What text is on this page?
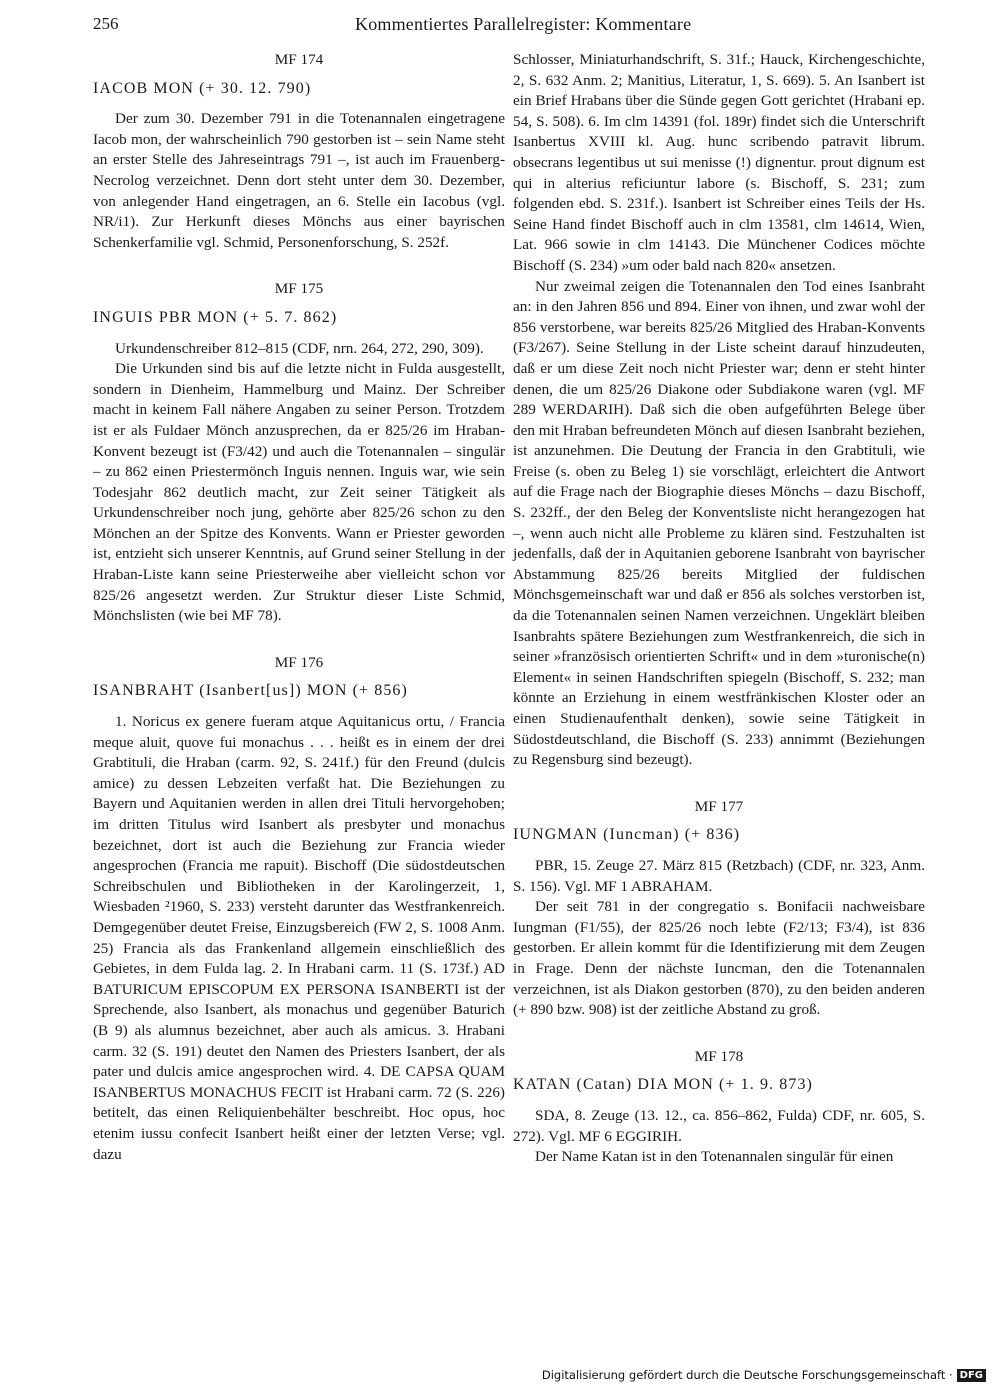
256	Kommentiertes Parallelregister: Kommentare
MF 174
IACOB MON (+ 30. 12. 790)

Der zum 30. Dezember 791 in die Totenannalen eingetragene Iacob mon, der wahrscheinlich 790 gestorben ist – sein Name steht an erster Stelle des Jahreseintrags 791 –, ist auch im Frauenberg-Necrolog verzeichnet. Denn dort steht unter dem 30. Dezember, von anlegender Hand eingetragen, an 6. Stelle ein Iacobus (vgl. NR/i1). Zur Herkunft dieses Mönchs aus einer bayrischen Schenkerfamilie vgl. Schmid, Personenforschung, S. 252f.

MF 175
INGUIS PBR MON (+ 5. 7. 862)

Urkundenschreiber 812–815 (CDF, nrn. 264, 272, 290, 309).

Die Urkunden sind bis auf die letzte nicht in Fulda ausgestellt, sondern in Dienheim, Hammelburg und Mainz. Der Schreiber macht in keinem Fall nähere Angaben zu seiner Person. Trotzdem ist er als Fuldaer Mönch anzusprechen, da er 825/26 im Hraban-Konvent bezeugt ist (F3/42) und auch die Totenannalen – singulär – zu 862 einen Priestermönch Inguis nennen. Inguis war, wie sein Todesjahr 862 deutlich macht, zur Zeit seiner Tätigkeit als Urkundenschreiber noch jung, gehörte aber 825/26 schon zu den Mönchen an der Spitze des Konvents. Wann er Priester geworden ist, entzieht sich unserer Kenntnis, auf Grund seiner Stellung in der Hraban-Liste kann seine Priesterweihe aber vielleicht schon vor 825/26 angesetzt werden. Zur Struktur dieser Liste Schmid, Mönchslisten (wie bei MF 78).

MF 176
ISANBRAHT (Isanbert[us]) MON (+ 856)

1. Noricus ex genere fueram atque Aquitanicus ortu, / Francia meque aluit, quove fui monachus . . . heißt es in einem der drei Grabtituli, die Hraban (carm. 92, S. 241f.) für den Freund (dulcis amice) zu dessen Lebzeiten verfaßt hat. Die Beziehungen zu Bayern und Aquitanien werden in allen drei Tituli hervorgehoben; im dritten Titulus wird Isanbert als presbyter und monachus bezeichnet, dort ist auch die Beziehung zur Francia wieder angesprochen (Francia me rapuit). Bischoff (Die südostdeutschen Schreibschulen und Bibliotheken in der Karolingerzeit, 1, Wiesbaden ²1960, S. 233) versteht darunter das Westfrankenreich. Demgegenüber deutet Freise, Einzugsbereich (FW 2, S. 1008 Anm. 25) Francia als das Frankenland allgemein einschließlich des Gebietes, in dem Fulda lag. 2. In Hrabani carm. 11 (S. 173f.) AD BATURICUM EPISCOPUM EX PERSONA ISANBERTI ist der Sprechende, also Isanbert, als monachus und gegenüber Baturich (B 9) als alumnus bezeichnet, aber auch als amicus. 3. Hrabani carm. 32 (S. 191) deutet den Namen des Priesters Isanbert, der als pater und dulcis amice angesprochen wird. 4. DE CAPSA QUAM ISANBERTUS MONACHUS FECIT ist Hrabani carm. 72 (S. 226) betitelt, das einen Reliquienbehälter beschreibt. Hoc opus, hoc etenim iussu confecit Isanbert heißt einer der letzten Verse; vgl. dazu

Schlosser, Miniaturhandschrift, S. 31f.; Hauck, Kirchengeschichte, 2, S. 632 Anm. 2; Manitius, Literatur, 1, S. 669). 5. An Isanbert ist ein Brief Hrabans über die Sünde gegen Gott gerichtet (Hrabani ep. 54, S. 508). 6. Im clm 14391 (fol. 189r) findet sich die Unterschrift Isanbertus XVIII kl. Aug. hunc scribendo patravit librum. obsecrans legentibus ut sui menisse (!) dignentur. prout dignum est qui in alterius reficiuntur labore (s. Bischoff, S. 231; zum folgenden ebd. S. 231f.). Isanbert ist Schreiber eines Teils der Hs. Seine Hand findet Bischoff auch in clm 13581, clm 14614, Wien, Lat. 966 sowie in clm 14143. Die Münchener Codices möchte Bischoff (S. 234) »um oder bald nach 820« ansetzen.

Nur zweimal zeigen die Totenannalen den Tod eines Isanbraht an: in den Jahren 856 und 894. Einer von ihnen, und zwar wohl der 856 verstorbene, war bereits 825/26 Mitglied des Hraban-Konvents (F3/267). Seine Stellung in der Liste scheint darauf hinzudeuten, daß er um diese Zeit noch nicht Priester war; denn er steht hinter denen, die um 825/26 Diakone oder Subdiakone waren (vgl. MF 289 WERDARIH). Daß sich die oben aufgeführten Belege über den mit Hraban befreundeten Mönch auf diesen Isanbraht beziehen, ist anzunehmen. Die Deutung der Francia in den Grabtituli, wie Freise (s. oben zu Beleg 1) sie vorschlägt, erleichtert die Antwort auf die Frage nach der Biographie dieses Mönchs – dazu Bischoff, S. 232ff., der den Beleg der Konventsliste nicht herangezogen hat –, wenn auch nicht alle Probleme zu klären sind. Festzuhalten ist jedenfalls, daß der in Aquitanien geborene Isanbraht von bayrischer Abstammung 825/26 bereits Mitglied der fuldischen Mönchsgemeinschaft war und daß er 856 als solches verstorben ist, da die Totenannalen seinen Namen verzeichnen. Ungeklärt bleiben Isanbrahts spätere Beziehungen zum Westfrankenreich, die sich in seiner »französisch orientierten Schrift« und in dem »turonische(n) Element« in seinen Handschriften spiegeln (Bischoff, S. 232; man könnte an Erziehung in einem westfränkischen Kloster oder an einen Studienaufenthalt denken), sowie seine Tätigkeit in Südostdeutschland, die Bischoff (S. 233) annimmt (Beziehungen zu Regensburg sind bezeugt).

MF 177
IUNGMAN (Iuncman) (+ 836)

PBR, 15. Zeuge 27. März 815 (Retzbach) (CDF, nr. 323, Anm. S. 156). Vgl. MF 1 ABRAHAM.

Der seit 781 in der congregatio s. Bonifacii nachweisbare Iungman (F1/55), der 825/26 noch lebte (F2/13; F3/4), ist 836 gestorben. Er allein kommt für die Identifizierung mit dem Zeugen in Frage. Denn der nächste Iuncman, den die Totenannalen verzeichnen, ist als Diakon gestorben (870), zu den beiden anderen (+ 890 bzw. 908) ist der zeitliche Abstand zu groß.

MF 178
KATAN (Catan) DIA MON (+ 1. 9. 873)

SDA, 8. Zeuge (13. 12., ca. 856–862, Fulda) CDF, nr. 605, S. 272). Vgl. MF 6 EGGIRIH.

Der Name Katan ist in den Totenannalen singulär für einen

Digitalisierung gefördert durch die Deutsche Forschungsgemeinschaft · DFG
